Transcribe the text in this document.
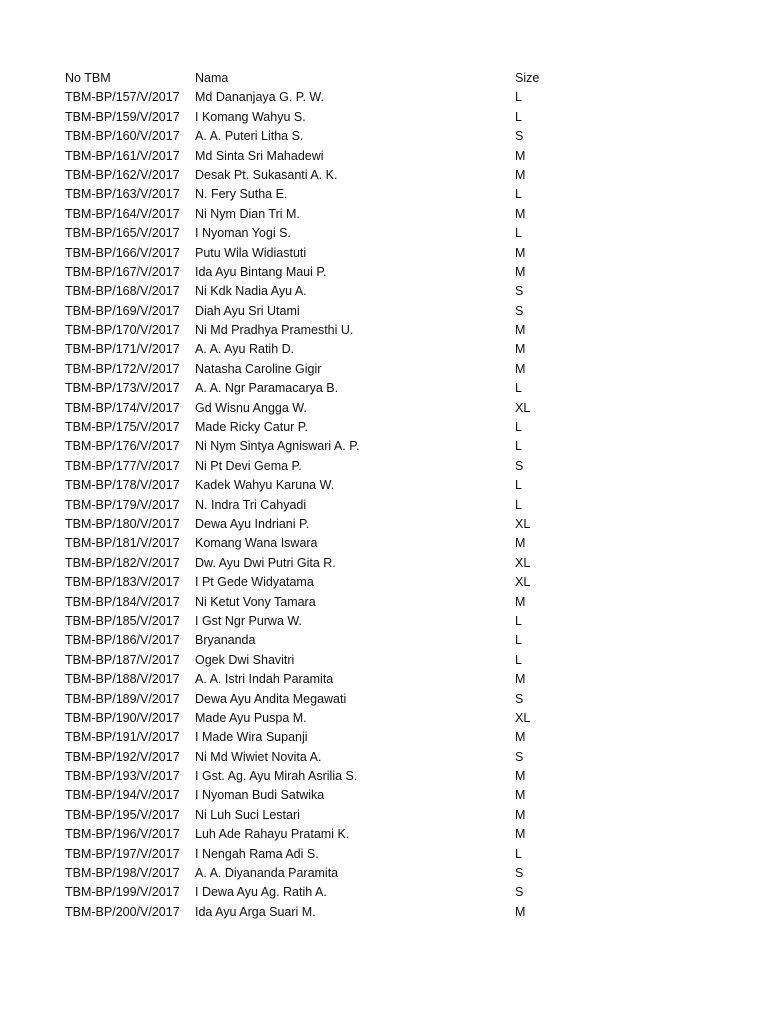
No TBM	Nama	Size
TBM-BP/157/V/2017 Md Dananjaya G. P. W.	L
TBM-BP/159/V/2017 I Komang Wahyu S.	L
TBM-BP/160/V/2017 A. A. Puteri Litha S.	S
TBM-BP/161/V/2017 Md Sinta Sri Mahadewi	M
TBM-BP/162/V/2017 Desak Pt. Sukasanti A. K.	M
TBM-BP/163/V/2017 N. Fery Sutha E.	L
TBM-BP/164/V/2017 Ni Nym Dian Tri M.	M
TBM-BP/165/V/2017 I Nyoman Yogi S.	L
TBM-BP/166/V/2017 Putu Wila Widiastuti	M
TBM-BP/167/V/2017 Ida Ayu Bintang Maui P.	M
TBM-BP/168/V/2017 Ni Kdk Nadia Ayu A.	S
TBM-BP/169/V/2017 Diah Ayu Sri Utami	S
TBM-BP/170/V/2017 Ni Md Pradhya Pramesthi U.	M
TBM-BP/171/V/2017 A. A. Ayu Ratih D.	M
TBM-BP/172/V/2017 Natasha Caroline Gigir	M
TBM-BP/173/V/2017 A. A. Ngr Paramacarya B.	L
TBM-BP/174/V/2017 Gd Wisnu Angga W.	XL
TBM-BP/175/V/2017 Made Ricky Catur P.	L
TBM-BP/176/V/2017 Ni Nym Sintya Agniswari A. P.	L
TBM-BP/177/V/2017 Ni Pt Devi Gema P.	S
TBM-BP/178/V/2017 Kadek Wahyu Karuna W.	L
TBM-BP/179/V/2017 N. Indra Tri Cahyadi	L
TBM-BP/180/V/2017 Dewa Ayu Indriani P.	XL
TBM-BP/181/V/2017 Komang Wana Iswara	M
TBM-BP/182/V/2017 Dw. Ayu Dwi Putri Gita R.	XL
TBM-BP/183/V/2017 I Pt Gede Widyatama	XL
TBM-BP/184/V/2017 Ni Ketut Vony Tamara	M
TBM-BP/185/V/2017 I Gst Ngr Purwa W.	L
TBM-BP/186/V/2017 Bryananda	L
TBM-BP/187/V/2017 Ogek Dwi Shavitri	L
TBM-BP/188/V/2017 A. A. Istri Indah Paramita	M
TBM-BP/189/V/2017 Dewa Ayu Andita Megawati	S
TBM-BP/190/V/2017 Made Ayu Puspa M.	XL
TBM-BP/191/V/2017 I Made Wira Supanji	M
TBM-BP/192/V/2017 Ni Md Wiwiet Novita A.	S
TBM-BP/193/V/2017 I Gst. Ag. Ayu Mirah Asrilia S.	M
TBM-BP/194/V/2017 I Nyoman Budi Satwika	M
TBM-BP/195/V/2017 Ni Luh Suci Lestari	M
TBM-BP/196/V/2017 Luh Ade Rahayu Pratami K.	M
TBM-BP/197/V/2017 I Nengah Rama Adi S.	L
TBM-BP/198/V/2017 A. A. Diyananda Paramita	S
TBM-BP/199/V/2017 I Dewa Ayu Ag. Ratih A.	S
TBM-BP/200/V/2017 Ida Ayu Arga Suari M.	M
